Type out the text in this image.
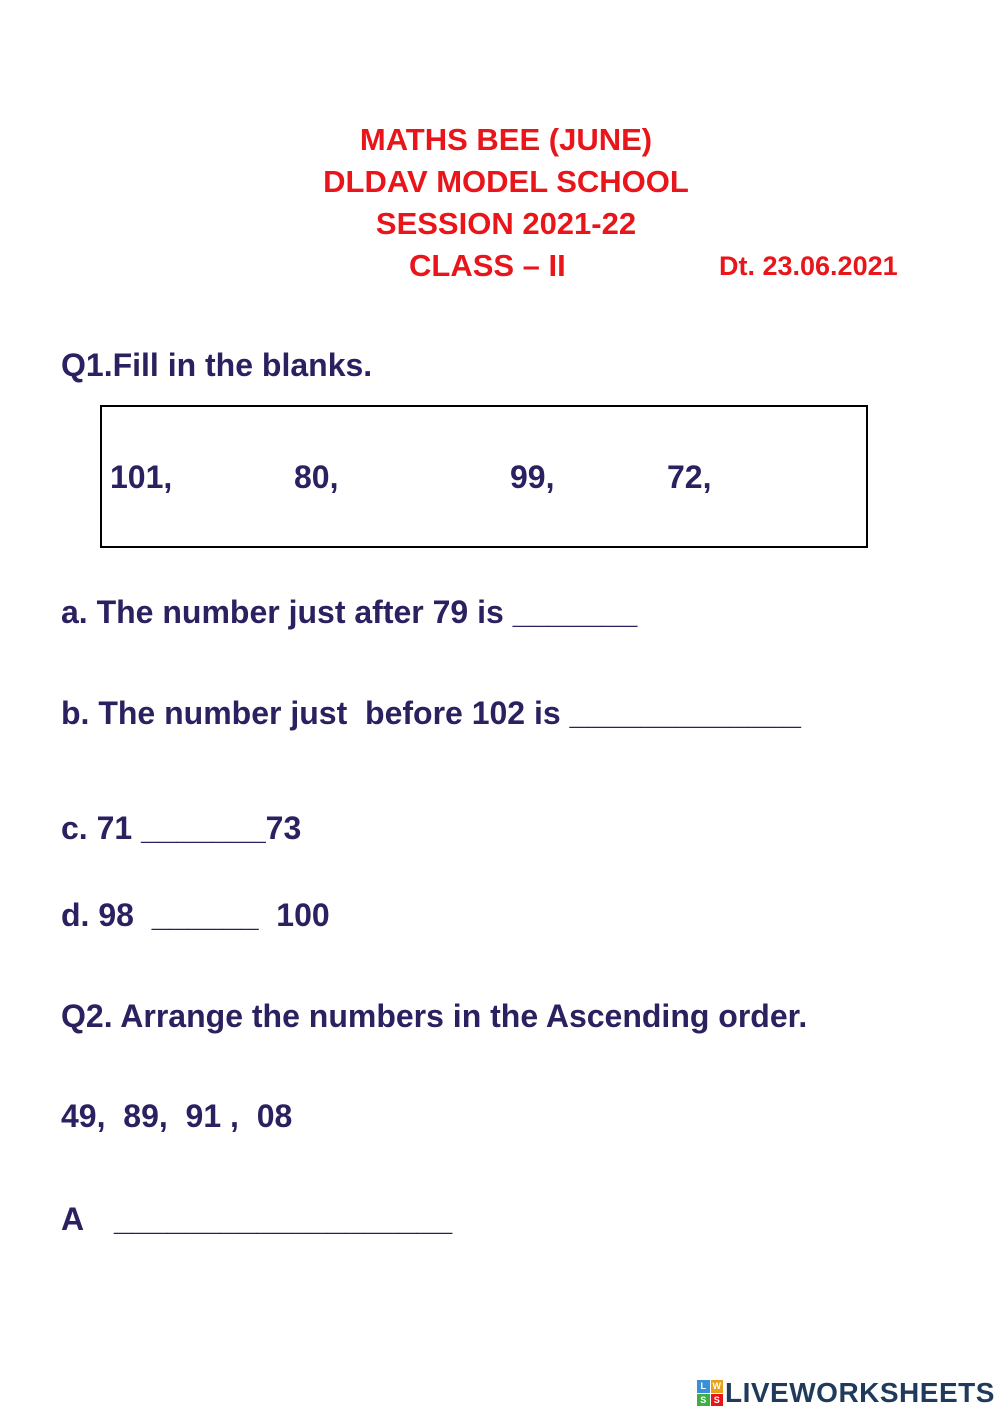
MATHS BEE (JUNE)
DLDAV MODEL SCHOOL
SESSION 2021-22
CLASS – II	Dt. 23.06.2021
Q1.Fill in the blanks.
101,	80,	99,	72,
a. The number just after 79 is _______
b. The number just  before 102 is _____________
c. 71 _______73
d. 98  ______  100
Q2. Arrange the numbers in the Ascending order.
49,  89,  91 ,  08
A ___________________
L W
S S LIVEWORKSHEETS
